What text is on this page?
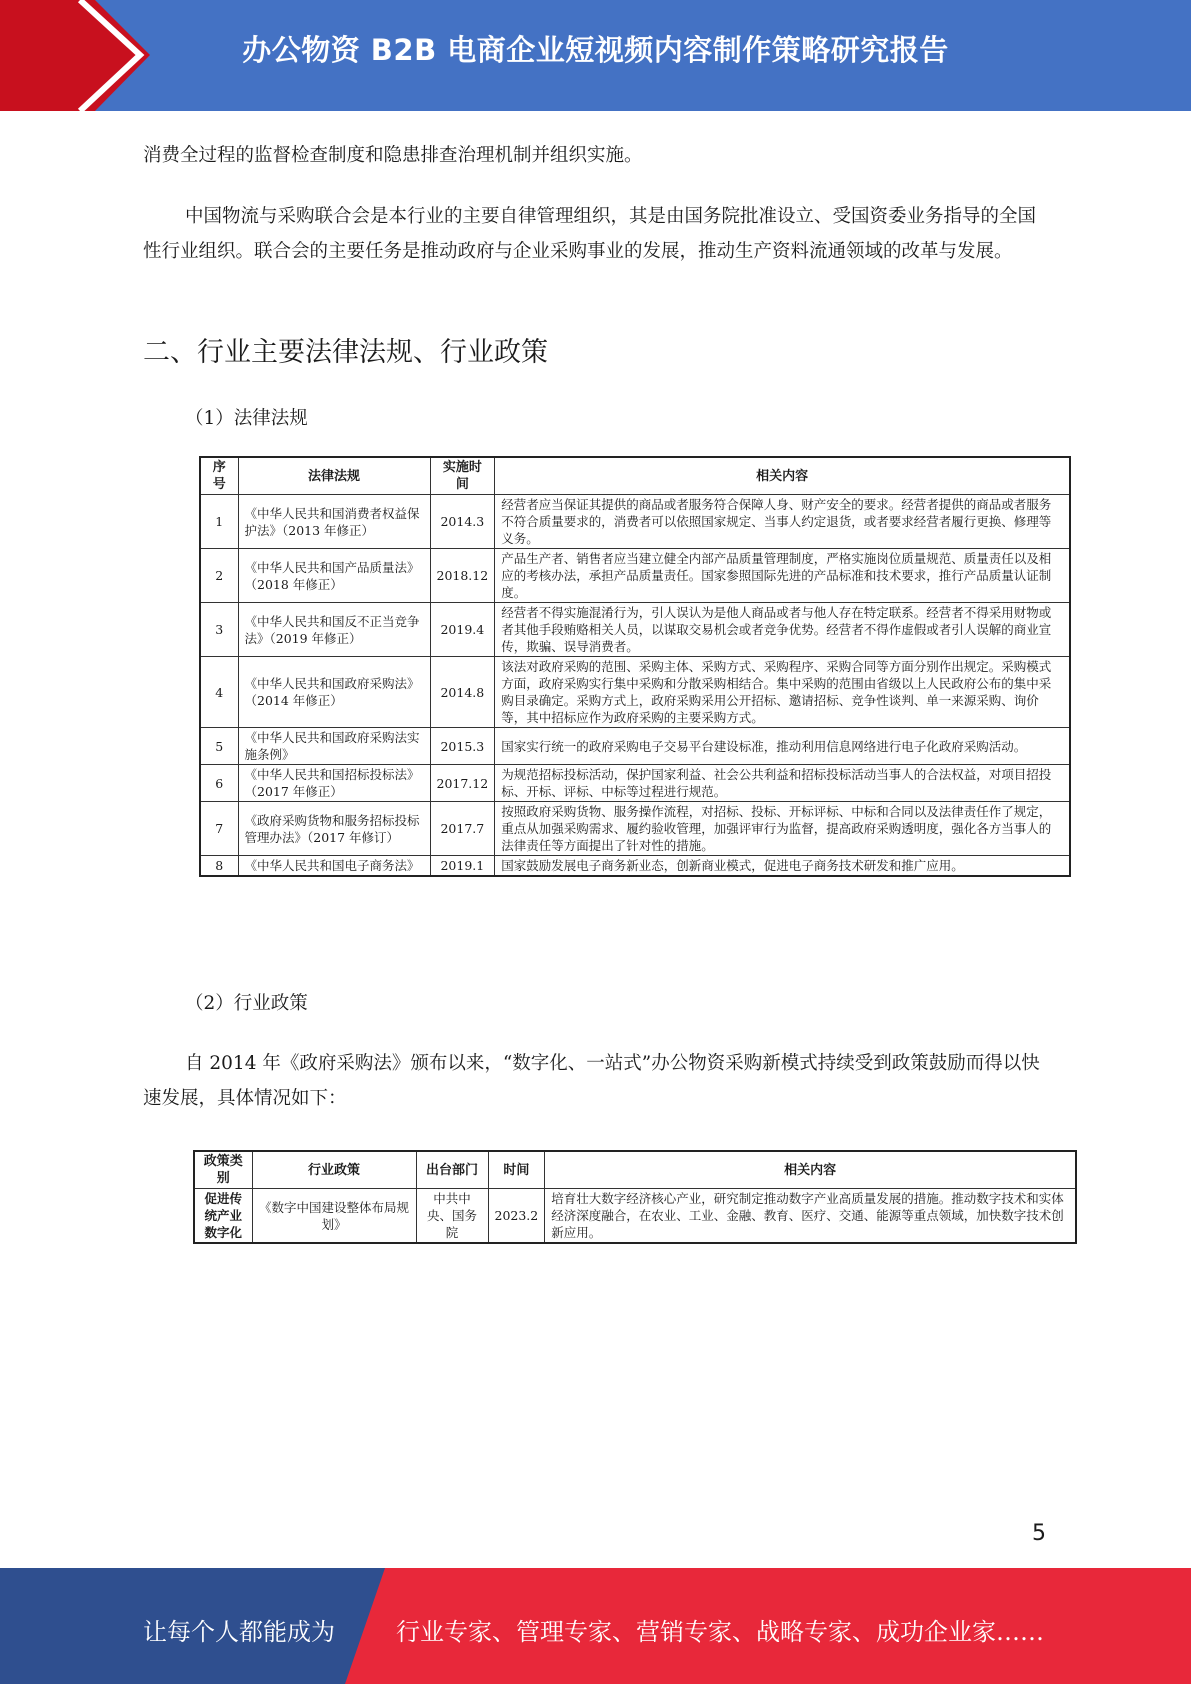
办公物资 B2B 电商企业短视频内容制作策略研究报告

消费全过程的监督检查制度和隐患排查治理机制并组织实施。

中国物流与采购联合会是本行业的主要自律管理组织，其是由国务院批准设立、受国资委业务指导的全国性行业组织。联合会的主要任务是推动政府与企业采购事业的发展，推动生产资料流通领域的改革与发展。

二、行业主要法律法规、行业政策

（1）法律法规

序号	法律法规	实施时间	相关内容
1	《中华人民共和国消费者权益保护法》（2013 年修正）	2014.3	经营者应当保证其提供的商品或者服务符合保障人身、财产安全的要求。经营者提供的商品或者服务不符合质量要求的，消费者可以依照国家规定、当事人约定退货，或者要求经营者履行更换、修理等义务。
2	《中华人民共和国产品质量法》（2018 年修正）	2018.12	产品生产者、销售者应当建立健全内部产品质量管理制度，严格实施岗位质量规范、质量责任以及相应的考核办法，承担产品质量责任。国家参照国际先进的产品标准和技术要求，推行产品质量认证制度。
3	《中华人民共和国反不正当竞争法》（2019 年修正）	2019.4	经营者不得实施混淆行为，引人误认为是他人商品或者与他人存在特定联系。经营者不得采用财物或者其他手段贿赂相关人员，以谋取交易机会或者竞争优势。经营者不得作虚假或者引人误解的商业宣传，欺骗、误导消费者。
4	《中华人民共和国政府采购法》（2014 年修正）	2014.8	该法对政府采购的范围、采购主体、采购方式、采购程序、采购合同等方面分别作出规定。采购模式方面，政府采购实行集中采购和分散采购相结合。集中采购的范围由省级以上人民政府公布的集中采购目录确定。采购方式上，政府采购采用公开招标、邀请招标、竞争性谈判、单一来源采购、询价等，其中招标应作为政府采购的主要采购方式。
5	《中华人民共和国政府采购法实施条例》	2015.3	国家实行统一的政府采购电子交易平台建设标准，推动利用信息网络进行电子化政府采购活动。
6	《中华人民共和国招标投标法》（2017 年修正）	2017.12	为规范招标投标活动，保护国家利益、社会公共利益和招标投标活动当事人的合法权益，对项目招投标、开标、评标、中标等过程进行规范。
7	《政府采购货物和服务招标投标管理办法》（2017 年修订）	2017.7	按照政府采购货物、服务操作流程，对招标、投标、开标评标、中标和合同以及法律责任作了规定，重点从加强采购需求、履约验收管理，加强评审行为监督，提高政府采购透明度，强化各方当事人的法律责任等方面提出了针对性的措施。
8	《中华人民共和国电子商务法》	2019.1	国家鼓励发展电子商务新业态，创新商业模式，促进电子商务技术研发和推广应用。

（2）行业政策

自 2014 年《政府采购法》颁布以来，“数字化、一站式”办公物资采购新模式持续受到政策鼓励而得以快速发展，具体情况如下：

政策类别	行业政策	出台部门	时间	相关内容
促进传统产业数字化	《数字中国建设整体布局规划》	中共中央、国务院	2023.2	培育壮大数字经济核心产业，研究制定推动数字产业高质量发展的措施。推动数字技术和实体经济深度融合，在农业、工业、金融、教育、医疗、交通、能源等重点领域，加快数字技术创新应用。
5
让每个人都能成为	行业专家、管理专家、营销专家、战略专家、成功企业家……
